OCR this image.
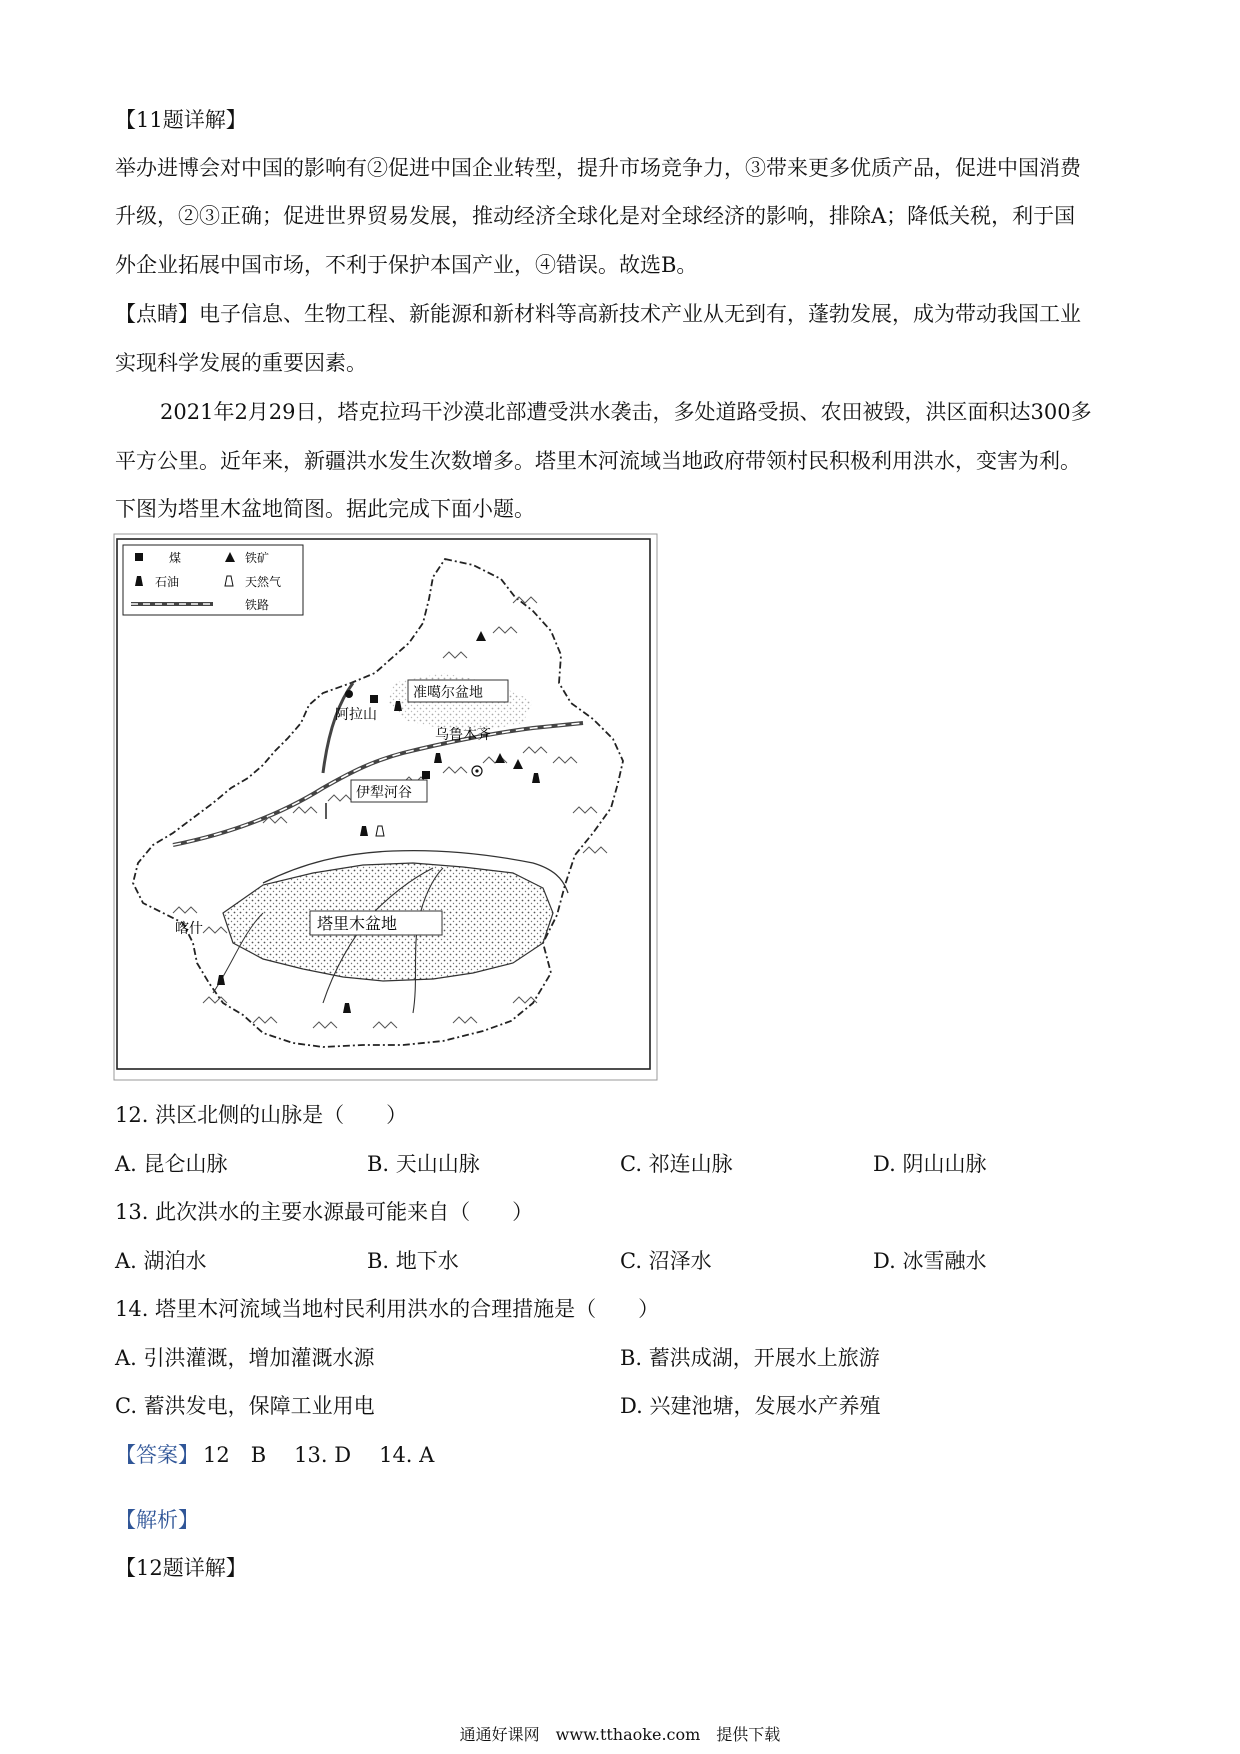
【11题详解】
举办进博会对中国的影响有②促进中国企业转型，提升市场竞争力，③带来更多优质产品，促进中国消费
升级，②③正确；促进世界贸易发展，推动经济全球化是对全球经济的影响，排除A；降低关税，利于国
外企业拓展中国市场，不利于保护本国产业，④错误。故选B。
【点睛】电子信息、生物工程、新能源和新材料等高新技术产业从无到有，蓬勃发展，成为带动我国工业
实现科学发展的重要因素。
2021年2月29日，塔克拉玛干沙漠北部遭受洪水袭击，多处道路受损、农田被毁，洪区面积达300多
平方公里。近年来，新疆洪水发生次数增多。塔里木河流域当地政府带领村民积极利用洪水，变害为利。
下图为塔里木盆地简图。据此完成下面小题。
煤	铁矿
石油	天然气
铁路
准噶尔盆地
阿拉山
乌鲁木齐
伊犁河谷
塔里木盆地
喀什
12. 洪区北侧的山脉是（　　）
A. 昆仑山脉	B. 天山山脉	C. 祁连山脉	D. 阴山山脉
13. 此次洪水的主要水源最可能来自（　　）
A. 湖泊水	B. 地下水	C. 沼泽水	D. 冰雪融水
14. 塔里木河流域当地村民利用洪水的合理措施是（　　）
A. 引洪灌溉，增加灌溉水源	B. 蓄洪成湖，开展水上旅游
C. 蓄洪发电，保障工业用电	D. 兴建池塘，发展水产养殖
【答案】 12　B 13. D 14. A
【解析】
【12题详解】
通通好课网　www.tthaoke.com　提供下载
